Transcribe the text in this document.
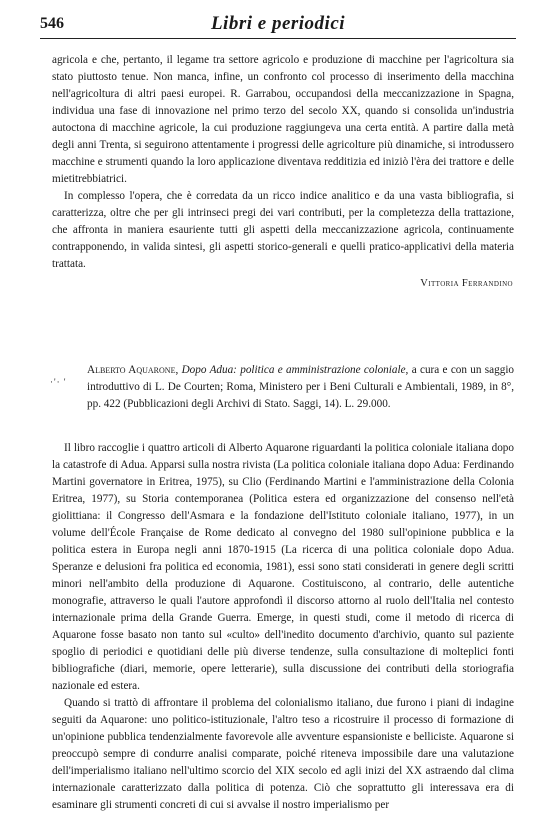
546	Libri e periodici

agricola e che, pertanto, il legame tra settore agricolo e produzione di macchine per l'agricoltura sia stato piuttosto tenue. Non manca, infine, un confronto col processo di inserimento della macchina nell'agricoltura di altri paesi europei. R. Garrabou, occupandosi della meccanizzazione in Spagna, individua una fase di innovazione nel primo terzo del secolo XX, quando si consolida un'industria autoctona di macchine agricole, la cui produzione raggiungeva una certa entità. A partire dalla metà degli anni Trenta, si seguirono attentamente i progressi delle agricolture più dinamiche, si introdussero macchine e strumenti quando la loro applicazione diventava redditizia ed iniziò l'èra dei trattore e delle mietitrebbiatrici.

In complesso l'opera, che è corredata da un ricco indice analitico e da una vasta bibliografia, si caratterizza, oltre che per gli intrinseci pregi dei vari contributi, per la completezza della trattazione, che affronta in maniera esauriente tutti gli aspetti della meccanizzazione agricola, continuamente contrapponendo, in valida sintesi, gli aspetti storico-generali e quelli pratico-applicativi della materia trattata.

Vittoria Ferrandino
·'· '

Alberto Aquarone, Dopo Adua: politica e amministrazione coloniale, a cura e con un saggio introduttivo di L. De Courten; Roma, Ministero per i Beni Culturali e Ambientali, 1989, in 8°, pp. 422 (Pubblicazioni degli Archivi di Stato. Saggi, 14). L. 29.000.

Il libro raccoglie i quattro articoli di Alberto Aquarone riguardanti la politica coloniale italiana dopo la catastrofe di Adua. Apparsi sulla nostra rivista (La politica coloniale italiana dopo Adua: Ferdinando Martini governatore in Eritrea, 1975), su Clio (Ferdinando Martini e l'amministrazione della Colonia Eritrea, 1977), su Storia contemporanea (Politica estera ed organizzazione del consenso nell'età giolittiana: il Congresso dell'Asmara e la fondazione dell'Istituto coloniale italiano, 1977), in un volume dell'École Française de Rome dedicato al convegno del 1980 sull'opinione pubblica e la politica estera in Europa negli anni 1870-1915 (La ricerca di una politica coloniale dopo Adua. Speranze e delusioni fra politica ed economia, 1981), essi sono stati considerati in genere degli scritti minori nell'ambito della produzione di Aquarone. Costituiscono, al contrario, delle autentiche monografie, attraverso le quali l'autore approfondì il discorso attorno al ruolo dell'Italia nel contesto internazionale prima della Grande Guerra. Emerge, in questi studi, come il metodo di ricerca di Aquarone fosse basato non tanto sul «culto» dell'inedito documento d'archivio, quanto sul paziente spoglio di periodici e quotidiani delle più diverse tendenze, sulla consultazione di molteplici fonti bibliografiche (diari, memorie, opere letterarie), sulla discussione dei contributi della storiografia nazionale ed estera.

Quando si trattò di affrontare il problema del colonialismo italiano, due furono i piani di indagine seguiti da Aquarone: uno politico-istituzionale, l'altro teso a ricostruire il processo di formazione di un'opinione pubblica tendenzialmente favorevole alle avventure espansioniste e belliciste. Aquarone si preoccupò sempre di condurre analisi comparate, poiché riteneva impossibile dare una valutazione dell'imperialismo italiano nell'ultimo scorcio del XIX secolo ed agli inizi del XX astraendo dal clima internazionale caratterizzato dalla politica di potenza. Ciò che soprattutto gli interessava era di esaminare gli strumenti concreti di cui si avvalse il nostro imperialismo per
